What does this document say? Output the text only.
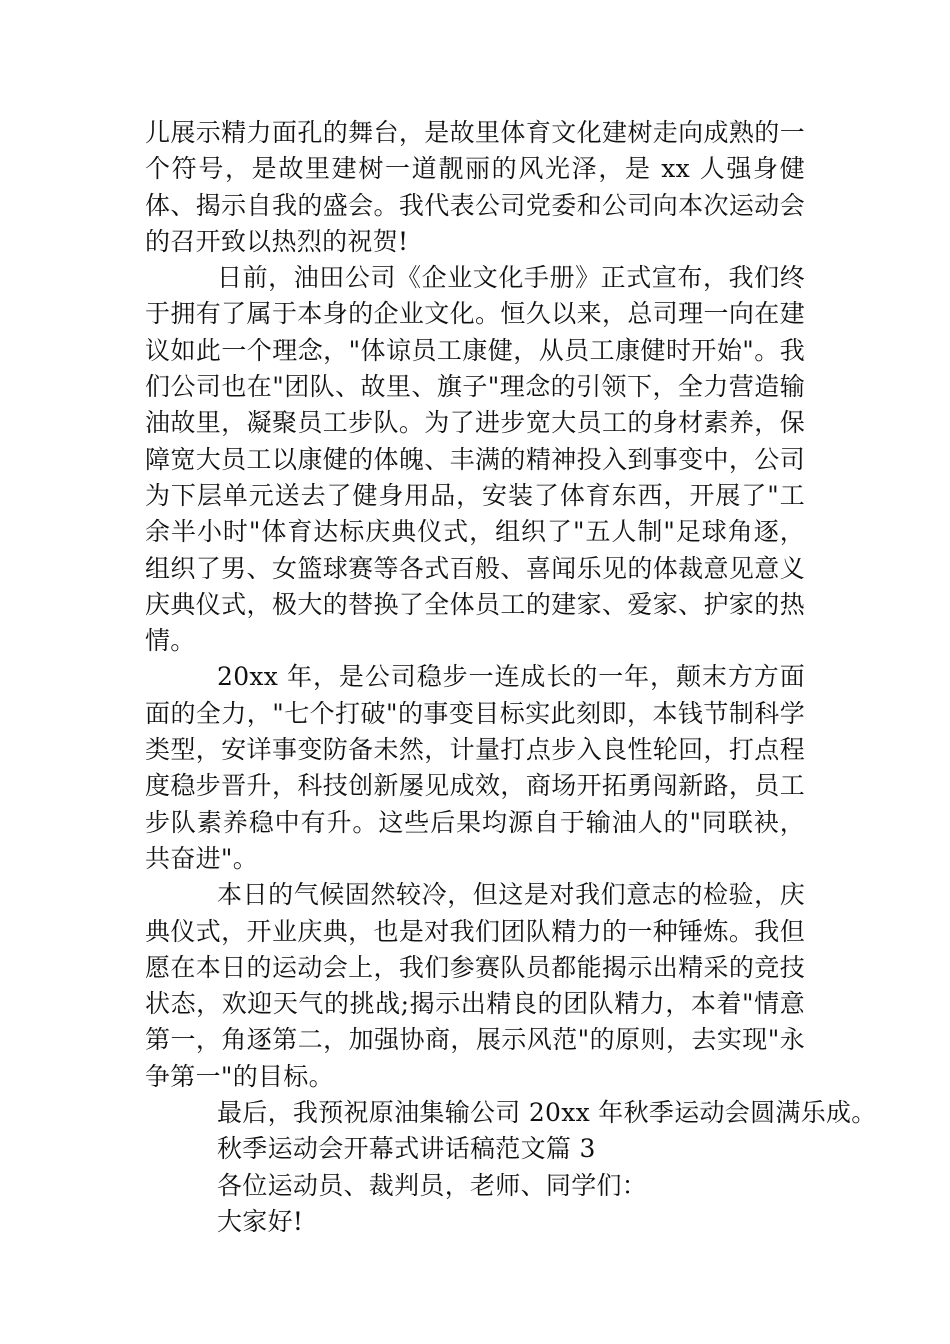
儿展示精力面孔的舞台，是故里体育文化建树走向成熟的一个符号，是故里建树一道靓丽的风光泽，是 xx 人强身健体、揭示自我的盛会。我代表公司党委和公司向本次运动会的召开致以热烈的祝贺!

日前，油田公司《企业文化手册》正式宣布，我们终于拥有了属于本身的企业文化。恒久以来，总司理一向在建议如此一个理念，"体谅员工康健，从员工康健时开始"。我们公司也在"团队、故里、旗子"理念的引领下，全力营造输油故里，凝聚员工步队。为了进步宽大员工的身材素养，保障宽大员工以康健的体魄、丰满的精神投入到事变中，公司为下层单元送去了健身用品，安装了体育东西，开展了"工余半小时"体育达标庆典仪式，组织了"五人制"足球角逐，组织了男、女篮球赛等各式百般、喜闻乐见的体裁意见意义庆典仪式，极大的替换了全体员工的建家、爱家、护家的热情。

20xx 年，是公司稳步一连成长的一年，颠末方方面面的全力，"七个打破"的事变目标实此刻即，本钱节制科学类型，安详事变防备未然，计量打点步入良性轮回，打点程度稳步晋升，科技创新屡见成效，商场开拓勇闯新路，员工步队素养稳中有升。这些后果均源自于输油人的"同联袂，共奋进"。

本日的气候固然较冷，但这是对我们意志的检验，庆典仪式，开业庆典，也是对我们团队精力的一种锤炼。我但愿在本日的运动会上，我们参赛队员都能揭示出精采的竞技状态，欢迎天气的挑战;揭示出精良的团队精力，本着"情意第一，角逐第二，加强协商，展示风范"的原则，去实现"永争第一"的目标。

最后，我预祝原油集输公司 20xx 年秋季运动会圆满乐成。

秋季运动会开幕式讲话稿范文篇 3

各位运动员、裁判员，老师、同学们：

大家好!
